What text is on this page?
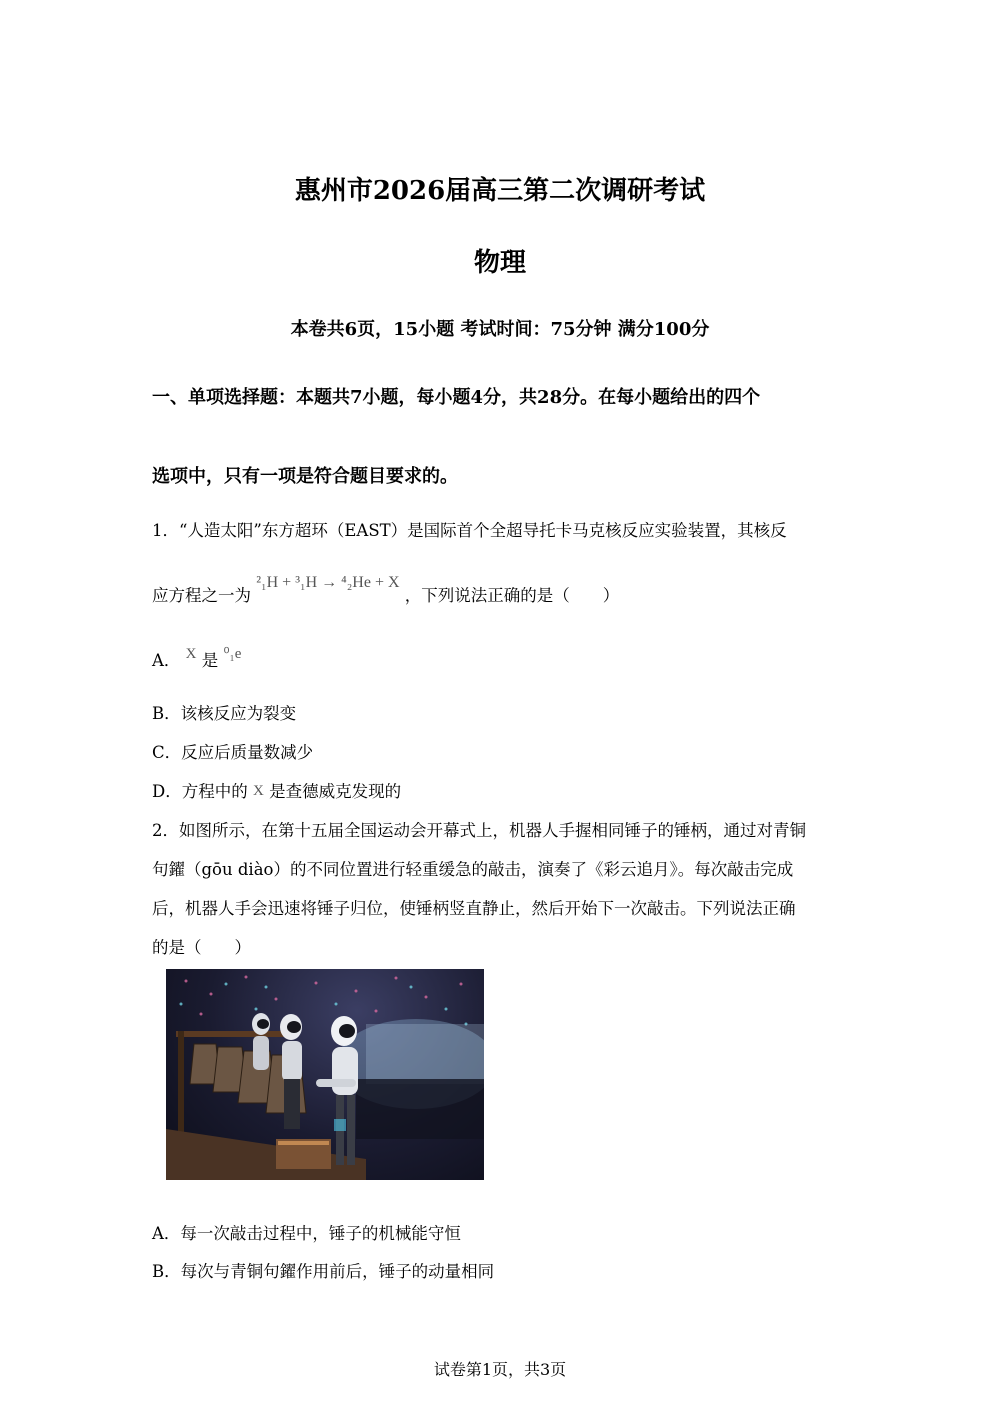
惠州市2026届高三第二次调研考试
物理
本卷共6页，15小题 考试时间：75分钟 满分100分
一、单项选择题：本题共7小题，每小题4分，共28分。在每小题给出的四个
选项中，只有一项是符合题目要求的。
1．“人造太阳”东方超环（EAST）是国际首个全超导托卡马克核反应实验装置，其核反
应方程之一为 ²₁H + ³₁H → ⁴₂He + X ，下列说法正确的是（　　）
A． X 是 ⁰₁e
B．该核反应为裂变
C．反应后质量数减少
D．方程中的 X 是查德威克发现的
2．如图所示，在第十五届全国运动会开幕式上，机器人手握相同锤子的锤柄，通过对青铜
句鑃（gōu diào）的不同位置进行轻重缓急的敲击，演奏了《彩云追月》。每次敲击完成
后，机器人手会迅速将锤子归位，使锤柄竖直静止，然后开始下一次敲击。下列说法正确
的是（　　）
A．每一次敲击过程中，锤子的机械能守恒
B．每次与青铜句鑃作用前后，锤子的动量相同
试卷第1页，共3页
